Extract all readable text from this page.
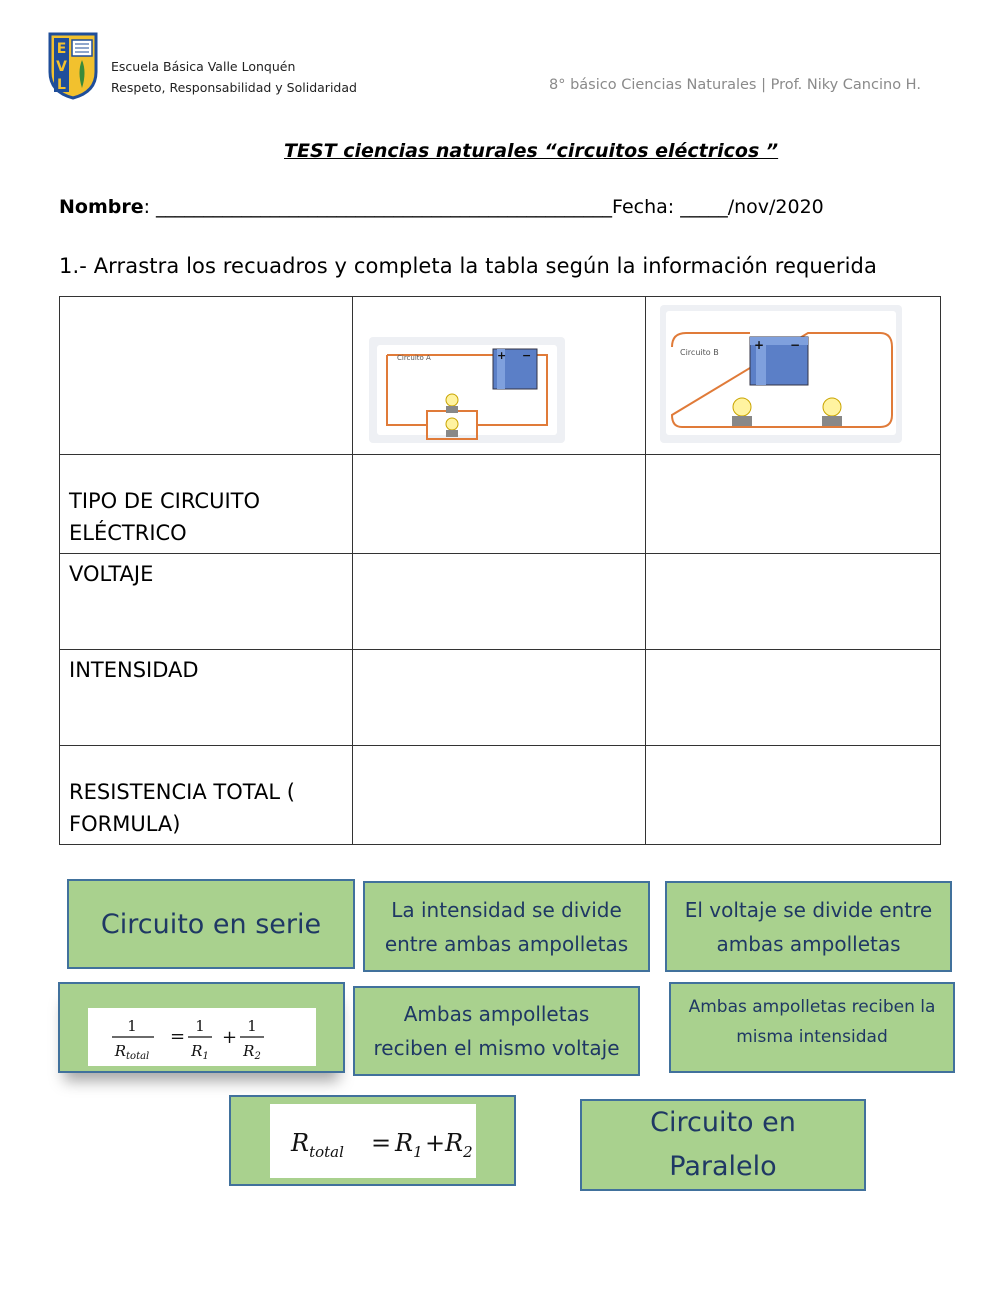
E
V
L
Escuela Básica Valle Lonquén
Respeto, Responsabilidad y Solidaridad	8° básico Ciencias Naturales | Prof. Niky Cancino H.
TEST ciencias naturales “circuitos eléctricos ”
Nombre: ________________________________________________Fecha: _____/nov/2020
1.- Arrastra los recuadros y completa la tabla según la información requerida

Circuito A + −	Circuito B
+ −

TIPO DE CIRCUITO ELÉCTRICO		

VOLTAJE		

INTENSIDAD		

RESISTENCIA TOTAL ( FORMULA)		

Circuito en serie	La intensidad se divide entre ambas ampolletas
El voltaje se divide entre ambas ampolletas
1
$R_{total}$
= 1
$R_1$
+
1
$R_2$
Ambas ampolletas reciben el mismo voltaje
Ambas ampolletas reciben la misma intensidad
$R_{total} = R_1 + R_2$
Circuito en Paralelo
